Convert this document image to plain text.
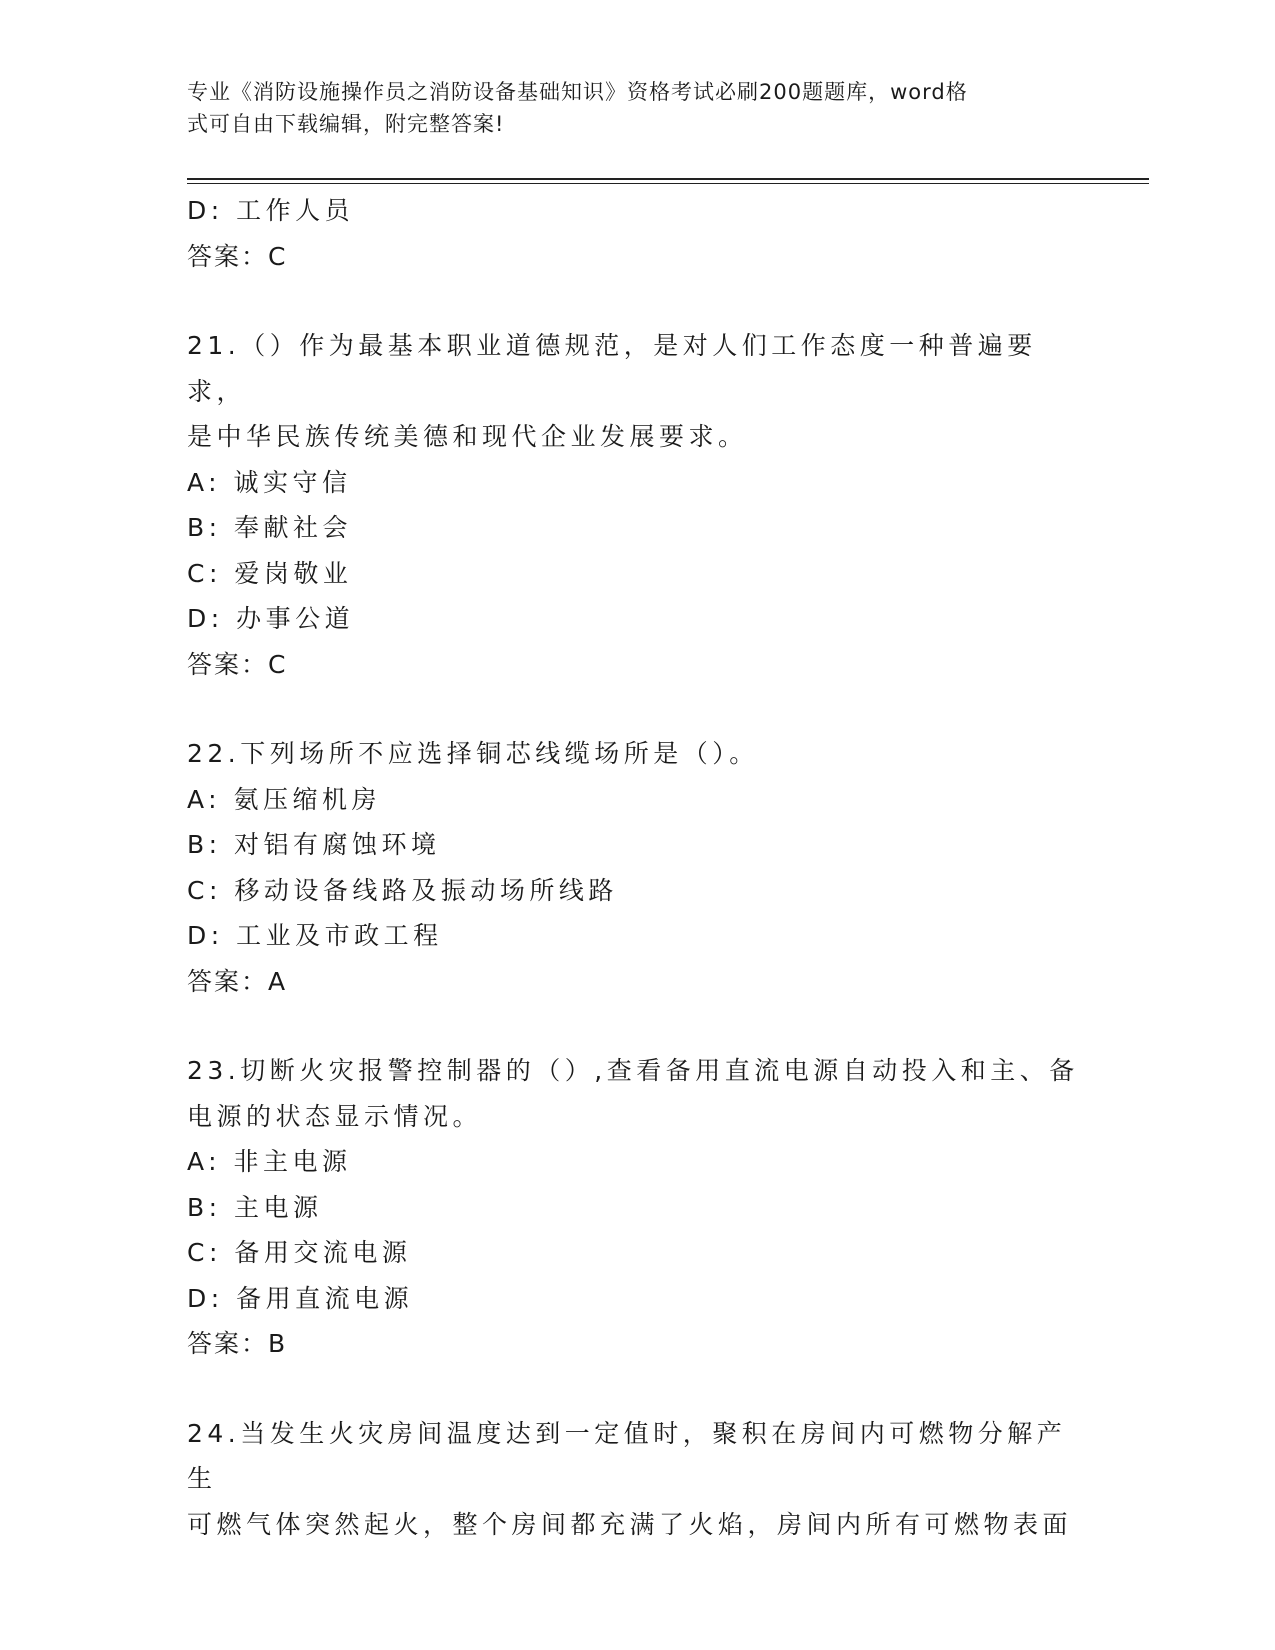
专业《消防设施操作员之消防设备基础知识》资格考试必刷200题题库，word格
式可自由下载编辑，附完整答案!
D: 工作人员
答案：C
21.（）作为最基本职业道德规范，是对人们工作态度一种普遍要求，
是中华民族传统美德和现代企业发展要求。
A: 诚实守信
B: 奉献社会
C: 爱岗敬业
D: 办事公道
答案：C
22.下列场所不应选择铜芯线缆场所是（）。
A: 氨压缩机房
B: 对铝有腐蚀环境
C: 移动设备线路及振动场所线路
D: 工业及市政工程
答案：A
23.切断火灾报警控制器的（）,查看备用直流电源自动投入和主、备
电源的状态显示情况。
A: 非主电源
B: 主电源
C: 备用交流电源
D: 备用直流电源
答案：B
24.当发生火灾房间温度达到一定值时，聚积在房间内可燃物分解产生
可燃气体突然起火，整个房间都充满了火焰，房间内所有可燃物表面
